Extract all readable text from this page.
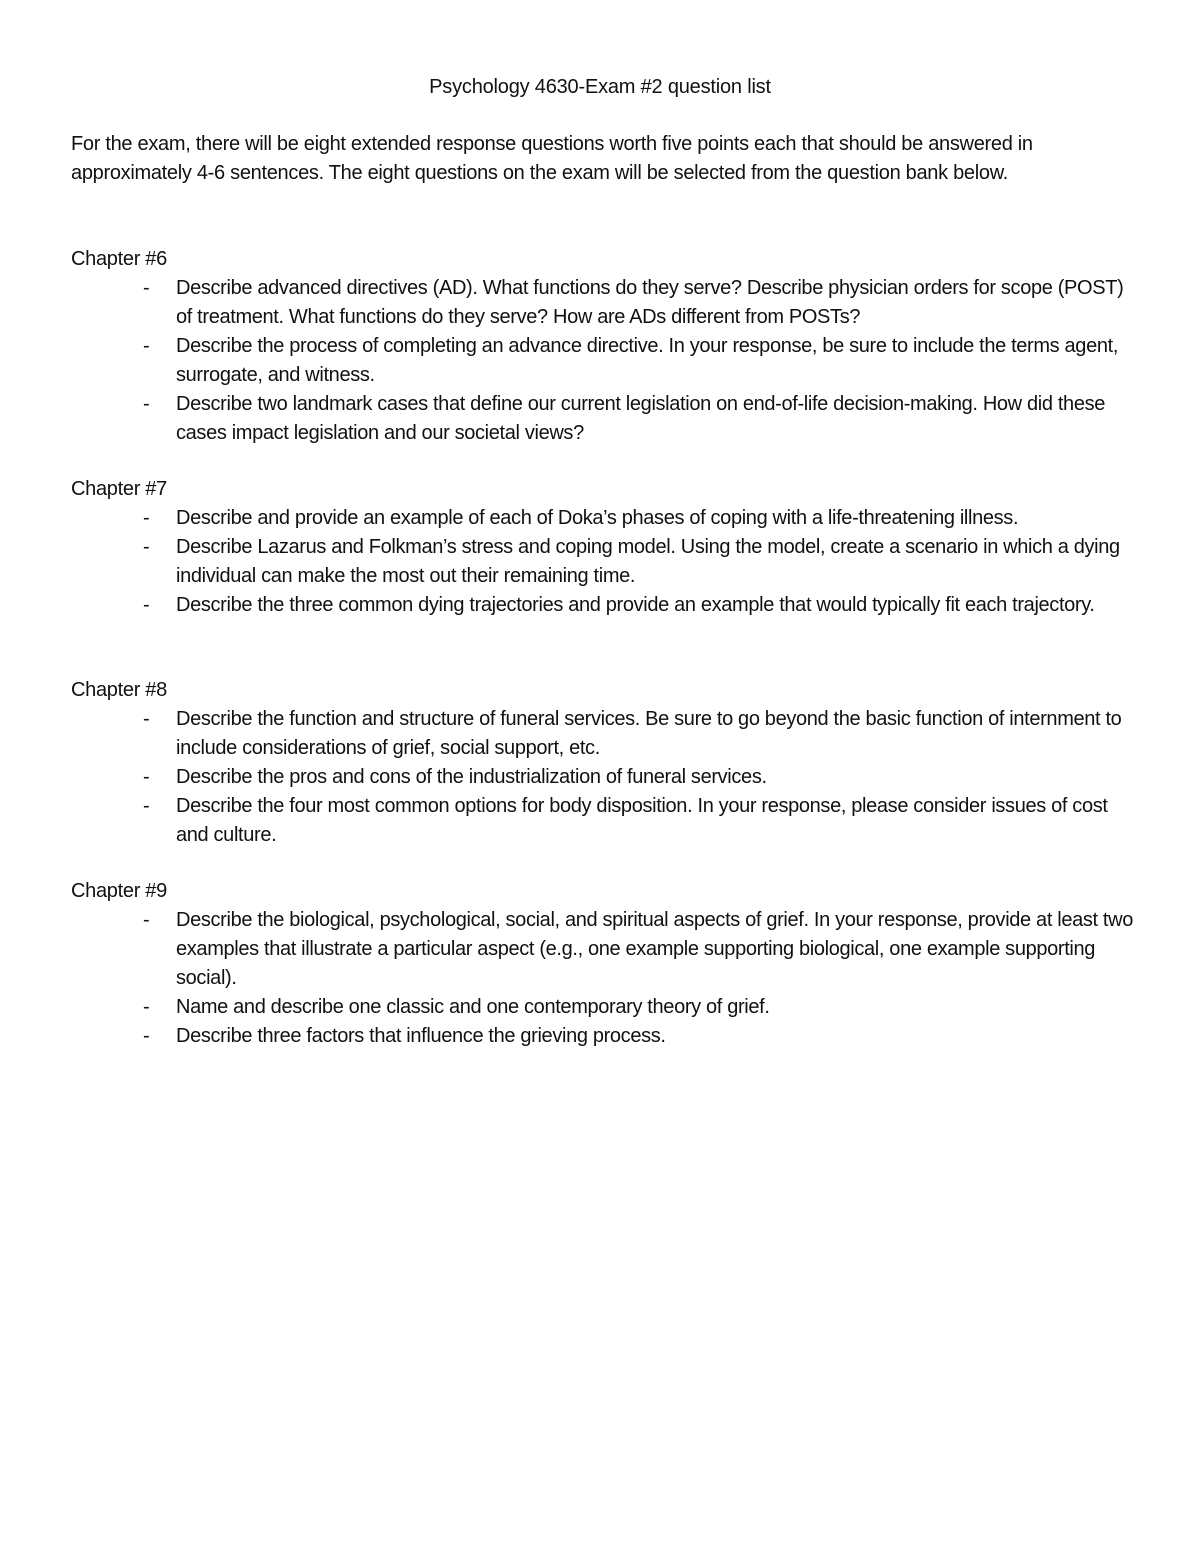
Psychology 4630-Exam #2 question list

For the exam, there will be eight extended response questions worth five points each that should be answered in approximately 4-6 sentences. The eight questions on the exam will be selected from the question bank below.

Chapter #6

- Describe advanced directives (AD). What functions do they serve? Describe physician orders for scope (POST) of treatment. What functions do they serve? How are ADs different from POSTs?
- Describe the process of completing an advance directive. In your response, be sure to include the terms agent, surrogate, and witness.
- Describe two landmark cases that define our current legislation on end-of-life decision-making. How did these cases impact legislation and our societal views?

Chapter #7

- Describe and provide an example of each of Doka’s phases of coping with a life-threatening illness.
- Describe Lazarus and Folkman’s stress and coping model. Using the model, create a scenario in which a dying individual can make the most out their remaining time.
- Describe the three common dying trajectories and provide an example that would typically fit each trajectory.

Chapter #8

- Describe the function and structure of funeral services. Be sure to go beyond the basic function of internment to include considerations of grief, social support, etc.
- Describe the pros and cons of the industrialization of funeral services.
- Describe the four most common options for body disposition. In your response, please consider issues of cost and culture.

Chapter #9

- Describe the biological, psychological, social, and spiritual aspects of grief. In your response, provide at least two examples that illustrate a particular aspect (e.g., one example supporting biological, one example supporting social).
- Name and describe one classic and one contemporary theory of grief.
- Describe three factors that influence the grieving process.
